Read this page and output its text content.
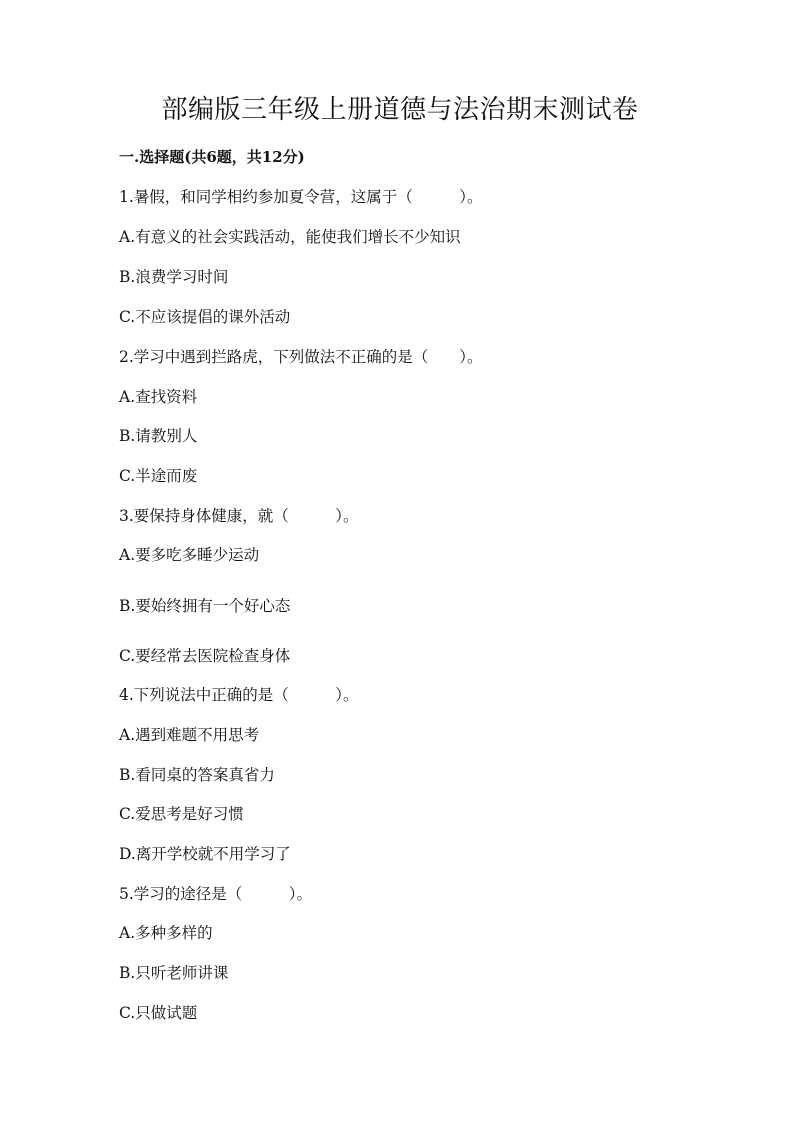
部编版三年级上册道德与法治期末测试卷
一.选择题(共6题，共12分)
1.暑假，和同学相约参加夏令营，这属于（　　　）。
A.有意义的社会实践活动，能使我们增长不少知识
B.浪费学习时间
C.不应该提倡的课外活动
2.学习中遇到拦路虎，下列做法不正确的是（　　）。
A.查找资料
B.请教别人
C.半途而废
3.要保持身体健康，就（　　　）。
A.要多吃多睡少运动
B.要始终拥有一个好心态
C.要经常去医院检查身体
4.下列说法中正确的是（　　　）。
A.遇到难题不用思考
B.看同桌的答案真省力
C.爱思考是好习惯
D.离开学校就不用学习了
5.学习的途径是（　　　）。
A.多种多样的
B.只听老师讲课
C.只做试题
